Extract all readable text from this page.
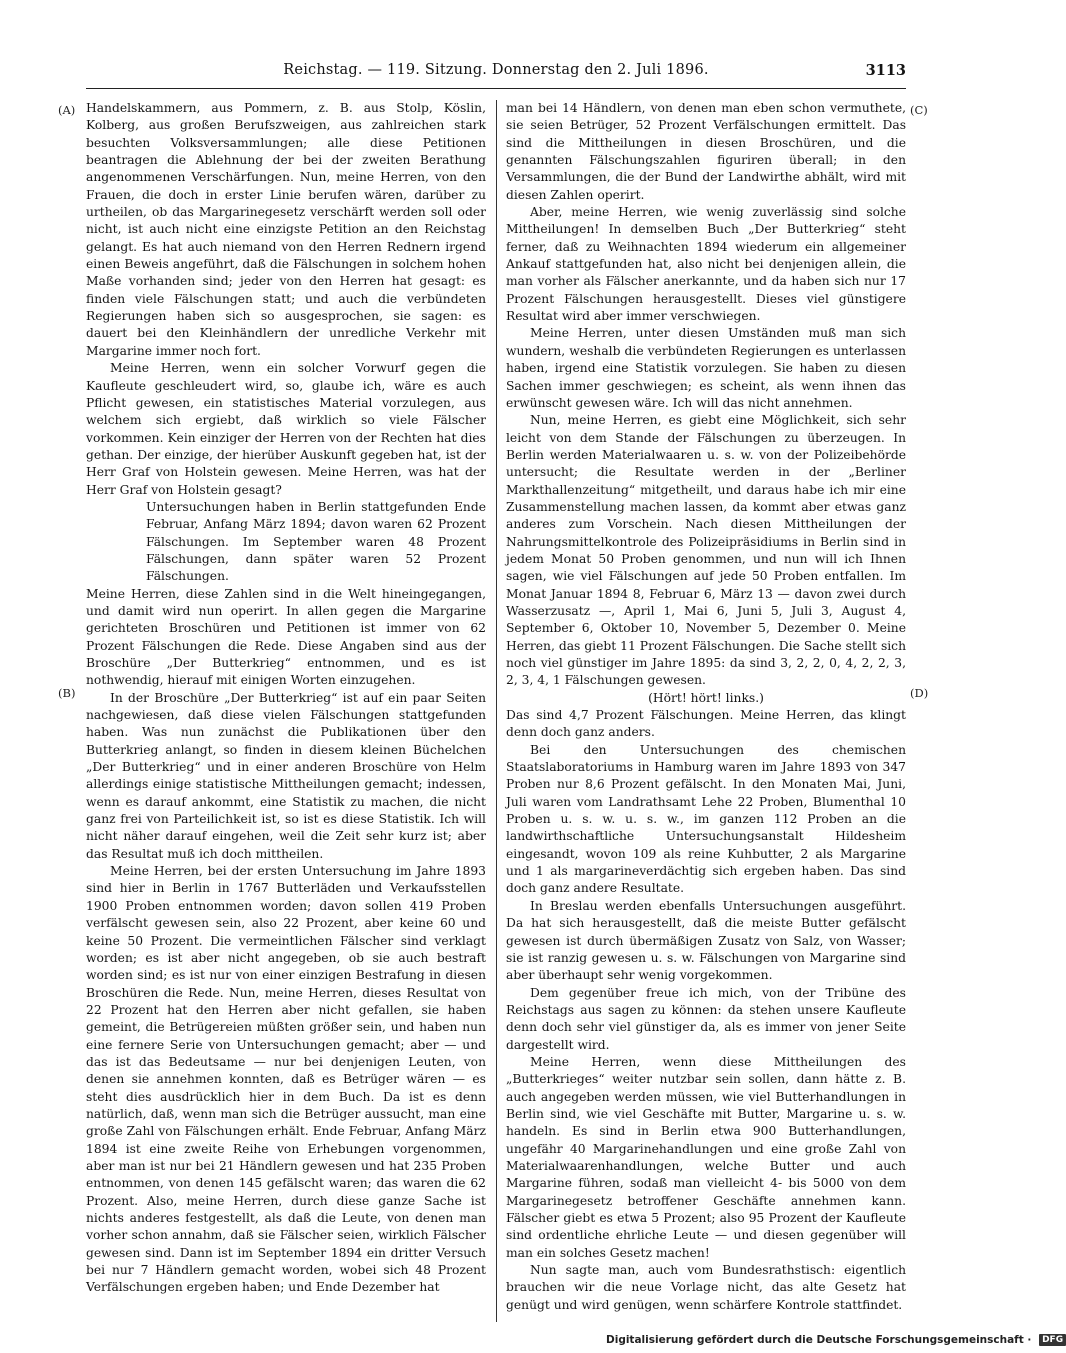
Reichstag. — 119. Sitzung. Donnerstag den 2. Juli 1896.	3113
(A)
(B)
(C)
(D)

Handelskammern, aus Pommern, z. B. aus Stolp, Köslin, Kolberg, aus großen Berufszweigen, aus zahlreichen stark besuchten Volksversammlungen; alle diese Petitionen beantragen die Ablehnung der bei der zweiten Berathung angenommenen Verschärfungen. Nun, meine Herren, von den Frauen, die doch in erster Linie berufen wären, darüber zu urtheilen, ob das Margarinegesetz verschärft werden soll oder nicht, ist auch nicht eine einzigste Petition an den Reichstag gelangt. Es hat auch niemand von den Herren Rednern irgend einen Beweis angeführt, daß die Fälschungen in solchem hohen Maße vorhanden sind; jeder von den Herren hat gesagt: es finden viele Fälschungen statt; und auch die verbündeten Regierungen haben sich so ausgesprochen, sie sagen: es dauert bei den Kleinhändlern der unredliche Verkehr mit Margarine immer noch fort.

Meine Herren, wenn ein solcher Vorwurf gegen die Kaufleute geschleudert wird, so, glaube ich, wäre es auch Pflicht gewesen, ein statistisches Material vorzulegen, aus welchem sich ergiebt, daß wirklich so viele Fälscher vorkommen. Kein einziger der Herren von der Rechten hat dies gethan. Der einzige, der hierüber Auskunft gegeben hat, ist der Herr Graf von Holstein gewesen. Meine Herren, was hat der Herr Graf von Holstein gesagt?

Untersuchungen haben in Berlin stattgefunden Ende Februar, Anfang März 1894; davon waren 62 Prozent Fälschungen. Im September waren 48 Prozent Fälschungen, dann später waren 52 Prozent Fälschungen.

Meine Herren, diese Zahlen sind in die Welt hineingegangen, und damit wird nun operirt. In allen gegen die Margarine gerichteten Broschüren und Petitionen ist immer von 62 Prozent Fälschungen die Rede. Diese Angaben sind aus der Broschüre „Der Butterkrieg“ entnommen, und es ist nothwendig, hierauf mit einigen Worten einzugehen.

In der Broschüre „Der Butterkrieg“ ist auf ein paar Seiten nachgewiesen, daß diese vielen Fälschungen stattgefunden haben. Was nun zunächst die Publikationen über den Butterkrieg anlangt, so finden in diesem kleinen Büchelchen „Der Butterkrieg“ und in einer anderen Broschüre von Helm allerdings einige statistische Mittheilungen gemacht; indessen, wenn es darauf ankommt, eine Statistik zu machen, die nicht ganz frei von Parteilichkeit ist, so ist es diese Statistik. Ich will nicht näher darauf eingehen, weil die Zeit sehr kurz ist; aber das Resultat muß ich doch mittheilen.

Meine Herren, bei der ersten Untersuchung im Jahre 1893 sind hier in Berlin in 1767 Butterläden und Verkaufsstellen 1900 Proben entnommen worden; davon sollen 419 Proben verfälscht gewesen sein, also 22 Prozent, aber keine 60 und keine 50 Prozent. Die vermeintlichen Fälscher sind verklagt worden; es ist aber nicht angegeben, ob sie auch bestraft worden sind; es ist nur von einer einzigen Bestrafung in diesen Broschüren die Rede. Nun, meine Herren, dieses Resultat von 22 Prozent hat den Herren aber nicht gefallen, sie haben gemeint, die Betrügereien müßten größer sein, und haben nun eine fernere Serie von Untersuchungen gemacht; aber — und das ist das Bedeutsame — nur bei denjenigen Leuten, von denen sie annehmen konnten, daß es Betrüger wären — es steht dies ausdrücklich hier in dem Buch. Da ist es denn natürlich, daß, wenn man sich die Betrüger aussucht, man eine große Zahl von Fälschungen erhält. Ende Februar, Anfang März 1894 ist eine zweite Reihe von Erhebungen vorgenommen, aber man ist nur bei 21 Händlern gewesen und hat 235 Proben entnommen, von denen 145 gefälscht waren; das waren die 62 Prozent. Also, meine Herren, durch diese ganze Sache ist nichts anderes festgestellt, als daß die Leute, von denen man vorher schon annahm, daß sie Fälscher seien, wirklich Fälscher gewesen sind. Dann ist im September 1894 ein dritter Versuch bei nur 7 Händlern gemacht worden, wobei sich 48 Prozent Verfälschungen ergeben haben; und Ende Dezember hat

man bei 14 Händlern, von denen man eben schon vermuthete, sie seien Betrüger, 52 Prozent Verfälschungen ermittelt. Das sind die Mittheilungen in diesen Broschüren, und die genannten Fälschungszahlen figuriren überall; in den Versammlungen, die der Bund der Landwirthe abhält, wird mit diesen Zahlen operirt.

Aber, meine Herren, wie wenig zuverlässig sind solche Mittheilungen! In demselben Buch „Der Butterkrieg“ steht ferner, daß zu Weihnachten 1894 wiederum ein allgemeiner Ankauf stattgefunden hat, also nicht bei denjenigen allein, die man vorher als Fälscher anerkannte, und da haben sich nur 17 Prozent Fälschungen herausgestellt. Dieses viel günstigere Resultat wird aber immer verschwiegen.

Meine Herren, unter diesen Umständen muß man sich wundern, weshalb die verbündeten Regierungen es unterlassen haben, irgend eine Statistik vorzulegen. Sie haben zu diesen Sachen immer geschwiegen; es scheint, als wenn ihnen das erwünscht gewesen wäre. Ich will das nicht annehmen.

Nun, meine Herren, es giebt eine Möglichkeit, sich sehr leicht von dem Stande der Fälschungen zu überzeugen. In Berlin werden Materialwaaren u. s. w. von der Polizeibehörde untersucht; die Resultate werden in der „Berliner Markthallenzeitung“ mitgetheilt, und daraus habe ich mir eine Zusammenstellung machen lassen, da kommt aber etwas ganz anderes zum Vorschein. Nach diesen Mittheilungen der Nahrungsmittelkontrole des Polizeipräsidiums in Berlin sind in jedem Monat 50 Proben genommen, und nun will ich Ihnen sagen, wie viel Fälschungen auf jede 50 Proben entfallen. Im Monat Januar 1894 8, Februar 6, März 13 — davon zwei durch Wasserzusatz —, April 1, Mai 6, Juni 5, Juli 3, August 4, September 6, Oktober 10, November 5, Dezember 0. Meine Herren, das giebt 11 Prozent Fälschungen. Die Sache stellt sich noch viel günstiger im Jahre 1895: da sind 3, 2, 2, 0, 4, 2, 2, 3, 2, 3, 4, 1 Fälschungen gewesen.

(Hört! hört! links.)

Das sind 4,7 Prozent Fälschungen. Meine Herren, das klingt denn doch ganz anders.

Bei den Untersuchungen des chemischen Staatslaboratoriums in Hamburg waren im Jahre 1893 von 347 Proben nur 8,6 Prozent gefälscht. In den Monaten Mai, Juni, Juli waren vom Landrathsamt Lehe 22 Proben, Blumenthal 10 Proben u. s. w. u. s. w., im ganzen 112 Proben an die landwirthschaftliche Untersuchungsanstalt Hildesheim eingesandt, wovon 109 als reine Kuhbutter, 2 als Margarine und 1 als margarineverdächtig sich ergeben haben. Das sind doch ganz andere Resultate.

In Breslau werden ebenfalls Untersuchungen ausgeführt. Da hat sich herausgestellt, daß die meiste Butter gefälscht gewesen ist durch übermäßigen Zusatz von Salz, von Wasser; sie ist ranzig gewesen u. s. w. Fälschungen von Margarine sind aber überhaupt sehr wenig vorgekommen.

Dem gegenüber freue ich mich, von der Tribüne des Reichstags aus sagen zu können: da stehen unsere Kaufleute denn doch sehr viel günstiger da, als es immer von jener Seite dargestellt wird.

Meine Herren, wenn diese Mittheilungen des „Butterkrieges“ weiter nutzbar sein sollen, dann hätte z. B. auch angegeben werden müssen, wie viel Butterhandlungen in Berlin sind, wie viel Geschäfte mit Butter, Margarine u. s. w. handeln. Es sind in Berlin etwa 900 Butterhandlungen, ungefähr 40 Margarinehandlungen und eine große Zahl von Materialwaarenhandlungen, welche Butter und auch Margarine führen, sodaß man vielleicht 4- bis 5000 von dem Margarinegesetz betroffener Geschäfte annehmen kann. Fälscher giebt es etwa 5 Prozent; also 95 Prozent der Kaufleute sind ordentliche ehrliche Leute — und diesen gegenüber will man ein solches Gesetz machen!

Nun sagte man, auch vom Bundesrathstisch: eigentlich brauchen wir die neue Vorlage nicht, das alte Gesetz hat genügt und wird genügen, wenn schärfere Kontrole stattfindet.

Digitalisierung gefördert durch die Deutsche Forschungsgemeinschaft · DFG
